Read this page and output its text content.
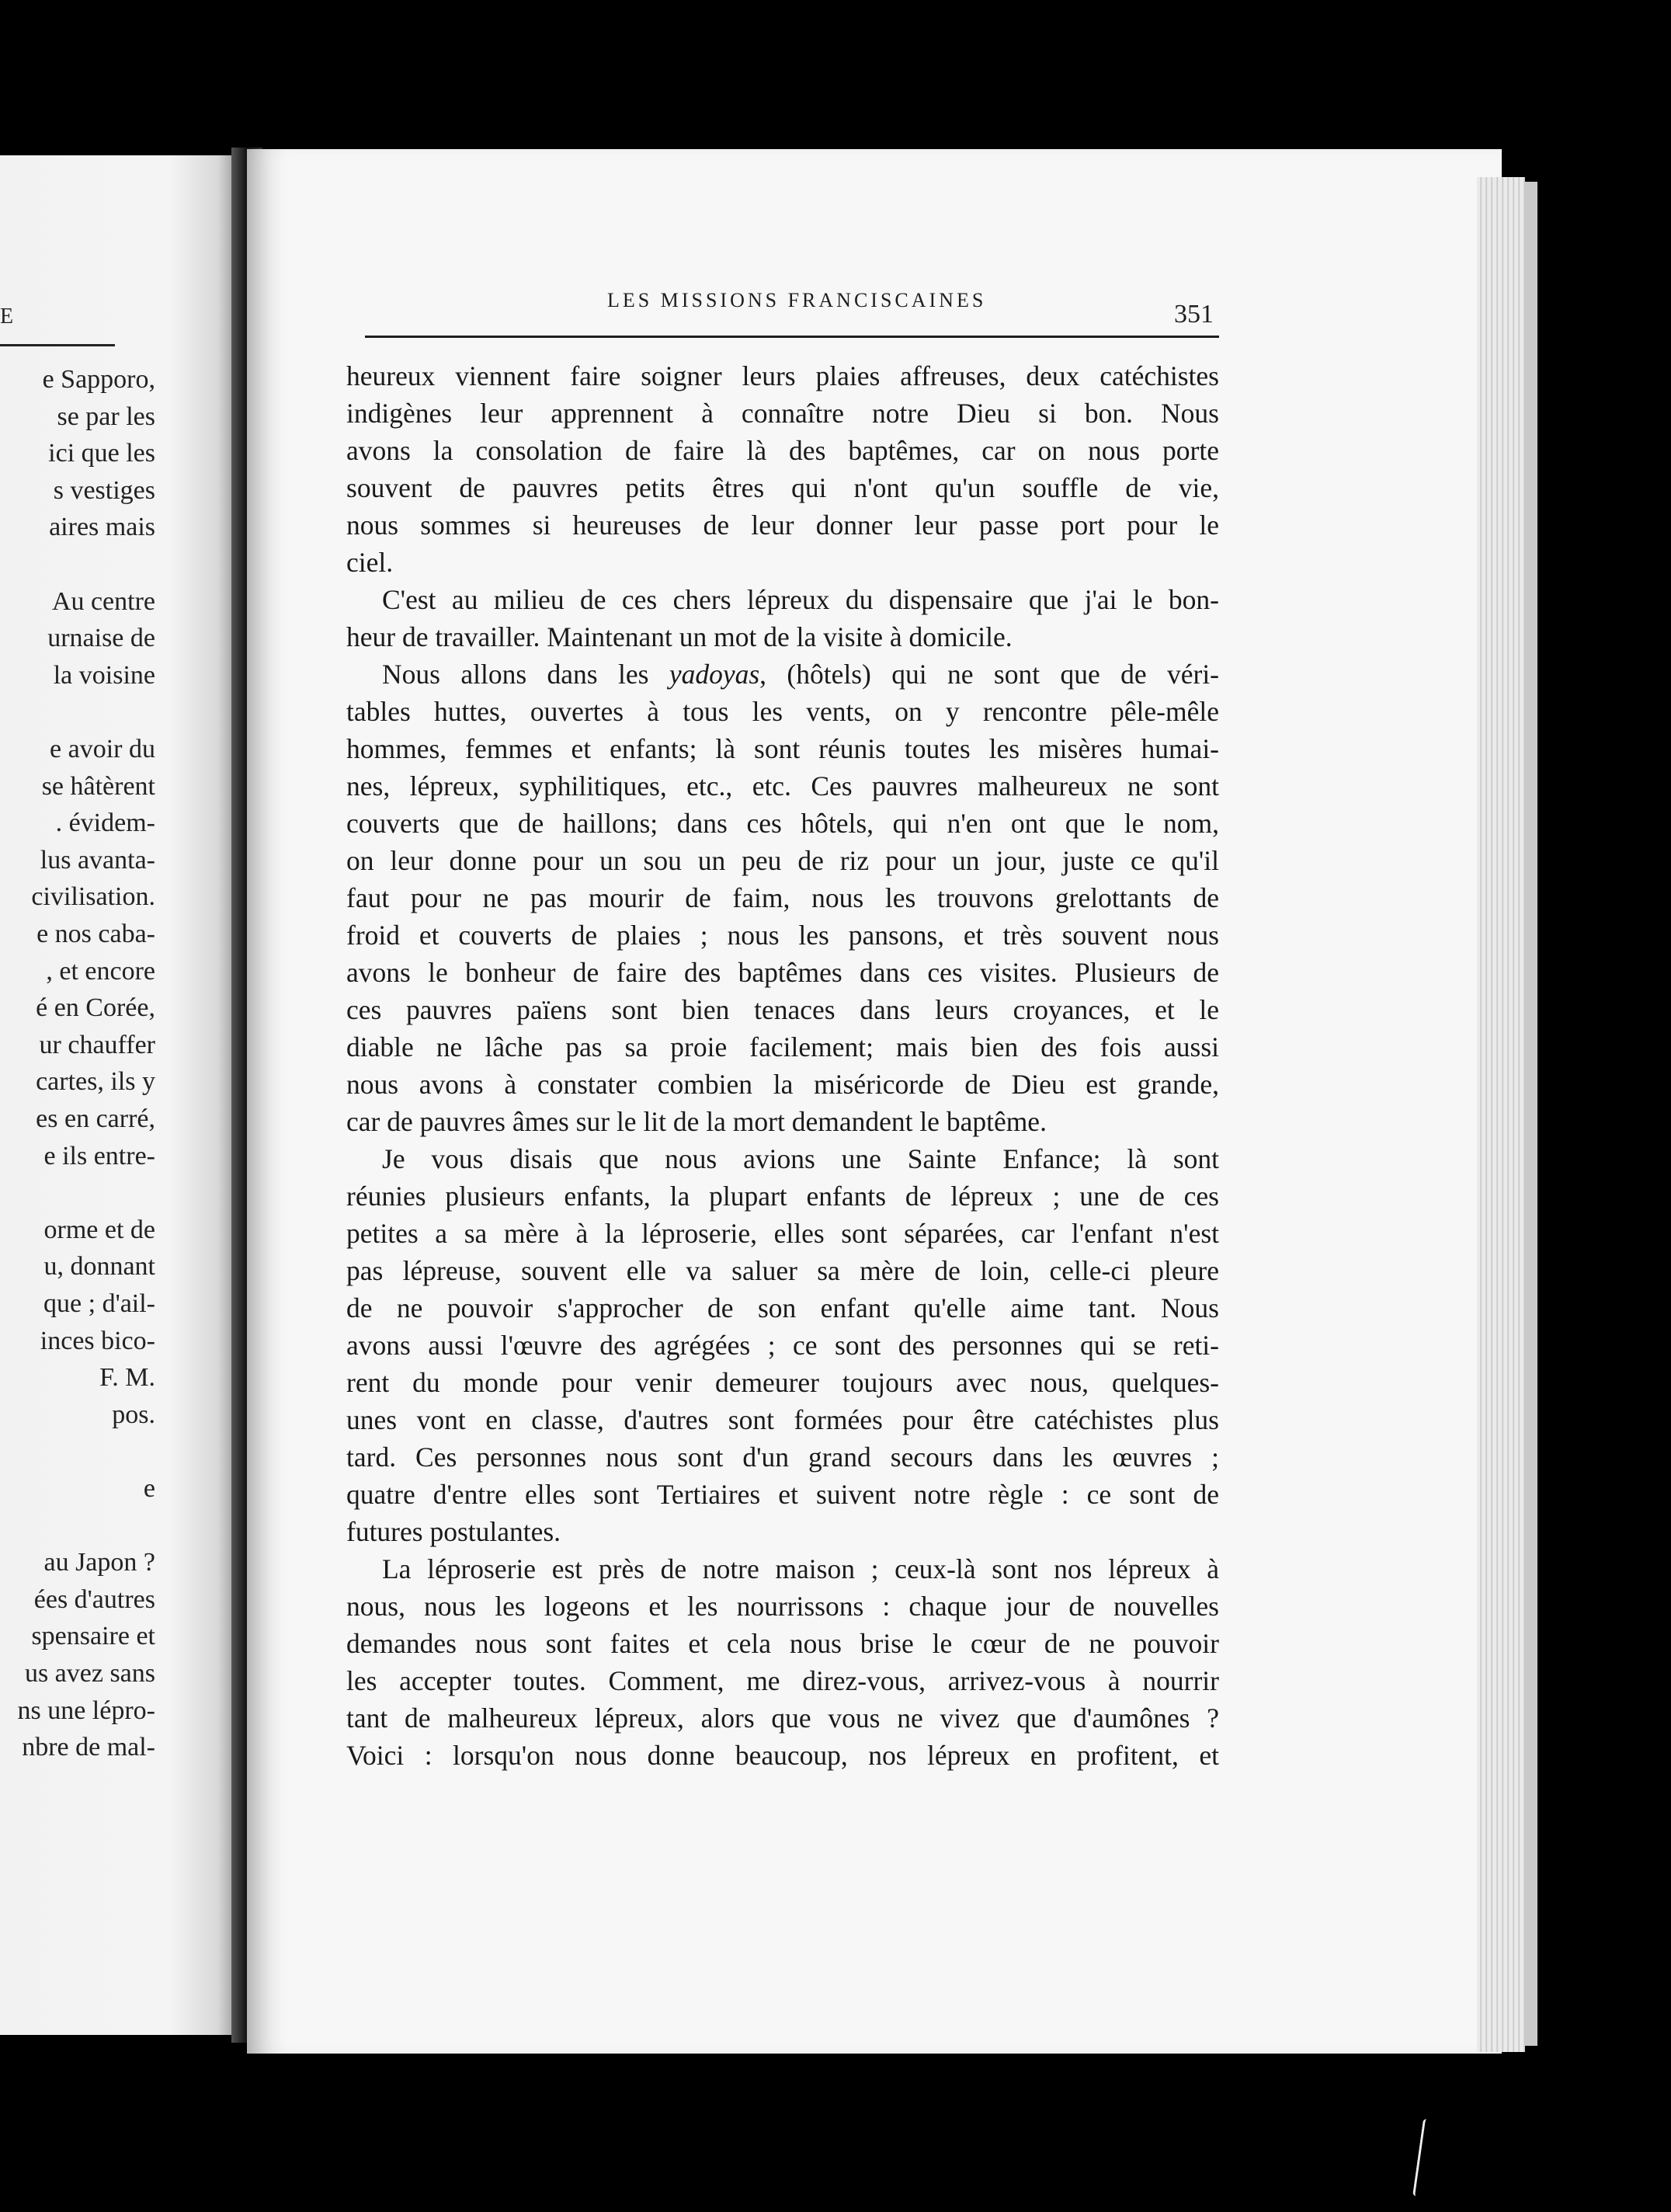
E
e Sapporo,
se par les
ici que les
s vestiges
aires mais
Au centre
urnaise de
la voisine
e avoir du
se hâtèrent
. évidem-
lus avanta-
civilisation.
e nos caba-
, et encore
é en Corée,
ur chauffer
cartes, ils y
es en carré,
e ils entre-
orme et de
u, donnant
que ; d'ail-
inces bico-
F. M.
pos.
e
au Japon ?
ées d'autres
spensaire et
us avez sans
ns une lépro-
nbre de mal-
LES MISSIONS FRANCISCAINES	351
heureux viennent faire soigner leurs plaies affreuses, deux catéchistes
indigènes leur apprennent à connaître notre Dieu si bon. Nous
avons la consolation de faire là des baptêmes, car on nous porte
souvent de pauvres petits êtres qui n'ont qu'un souffle de vie,
nous sommes si heureuses de leur donner leur passe port pour le
ciel.
C'est au milieu de ces chers lépreux du dispensaire que j'ai le bon-
heur de travailler. Maintenant un mot de la visite à domicile.
Nous allons dans les yadoyas, (hôtels) qui ne sont que de véri-
tables huttes, ouvertes à tous les vents, on y rencontre pêle-mêle
hommes, femmes et enfants; là sont réunis toutes les misères humai-
nes, lépreux, syphilitiques, etc., etc. Ces pauvres malheureux ne sont
couverts que de haillons; dans ces hôtels, qui n'en ont que le nom,
on leur donne pour un sou un peu de riz pour un jour, juste ce qu'il
faut pour ne pas mourir de faim, nous les trouvons grelottants de
froid et couverts de plaies ; nous les pansons, et très souvent nous
avons le bonheur de faire des baptêmes dans ces visites. Plusieurs de
ces pauvres païens sont bien tenaces dans leurs croyances, et le
diable ne lâche pas sa proie facilement; mais bien des fois aussi
nous avons à constater combien la miséricorde de Dieu est grande,
car de pauvres âmes sur le lit de la mort demandent le baptême.
Je vous disais que nous avions une Sainte Enfance; là sont
réunies plusieurs enfants, la plupart enfants de lépreux ; une de ces
petites a sa mère à la léproserie, elles sont séparées, car l'enfant n'est
pas lépreuse, souvent elle va saluer sa mère de loin, celle-ci pleure
de ne pouvoir s'approcher de son enfant qu'elle aime tant. Nous
avons aussi l'œuvre des agrégées ; ce sont des personnes qui se reti-
rent du monde pour venir demeurer toujours avec nous, quelques-
unes vont en classe, d'autres sont formées pour être catéchistes plus
tard. Ces personnes nous sont d'un grand secours dans les œuvres ;
quatre d'entre elles sont Tertiaires et suivent notre règle : ce sont de
futures postulantes.
La léproserie est près de notre maison ; ceux-là sont nos lépreux à
nous, nous les logeons et les nourrissons : chaque jour de nouvelles
demandes nous sont faites et cela nous brise le cœur de ne pouvoir
les accepter toutes. Comment, me direz-vous, arrivez-vous à nourrir
tant de malheureux lépreux, alors que vous ne vivez que d'aumônes ?
Voici : lorsqu'on nous donne beaucoup, nos lépreux en profitent, et
